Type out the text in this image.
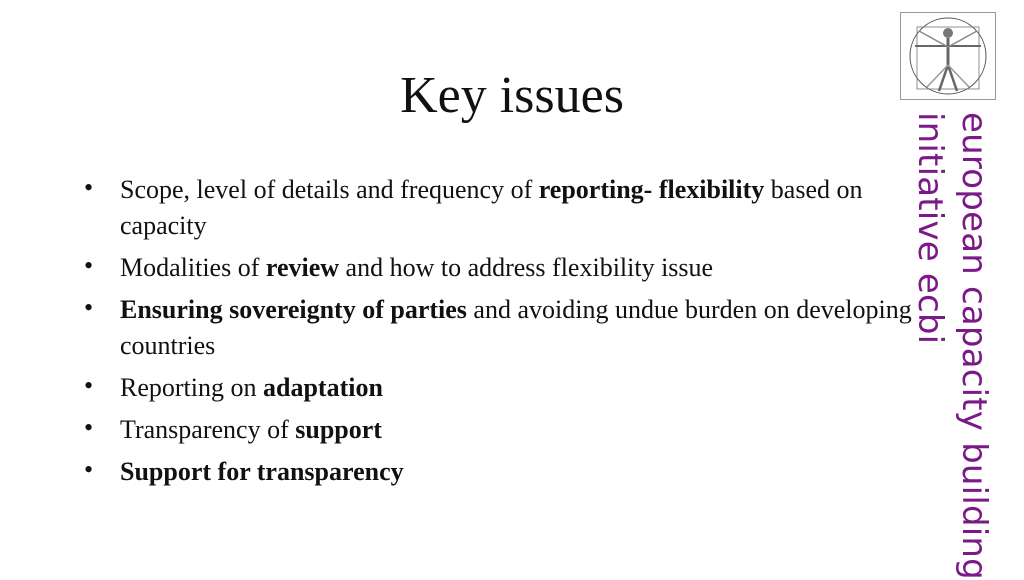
Key issues
• Scope, level of details and frequency of reporting- flexibility based on capacity
• Modalities of review and how to address flexibility issue
• Ensuring sovereignty of parties and avoiding undue burden on developing countries
• Reporting on adaptation
• Transparency of support
• Support for transparency	european capacity building
initiative ecbi
